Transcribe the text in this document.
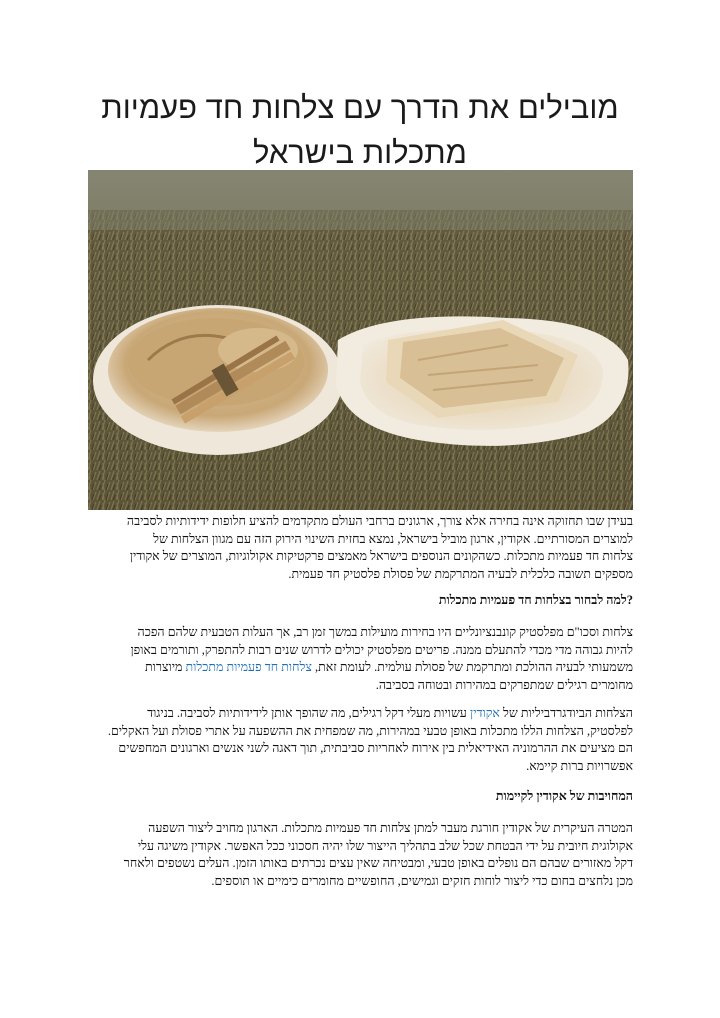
מובילים את הדרך עם צלחות חד פעמיות
מתכלות בישראל

בעידן שבו תחזוקה אינה בחירה אלא צורך, ארגונים ברחבי העולם מתקדמים להציע חלופות ידידותיות לסביבה

למוצרים המסורתיים. אקודין, ארגון מוביל בישראל, נמצא בחזית השינוי הירוק הזה עם מגוון הצלחות של

צלחות חד פעמיות מתכלות. כשהקונים הנוספים בישראל מאמצים פרקטיקות אקולוגיות, המוצרים של אקודין

מספקים תשובה כלכלית לבעיה המתרקמת של פסולת פלסטיק חד פעמית.

?למה לבחור בצלחות חד פעמיות מתכלות

צלחות וסכו"ם מפלסטיק קונבנציונליים היו בחירות מועילות במשך זמן רב, אך העלות הטבעית שלהם הפכה

להיות גבוהה מדי מכדי להתעלם ממנה. פריטים מפלסטיק יכולים לדרוש שנים רבות להתפרק, ותורמים באופן

משמעותי לבעיה ההולכת ומתרקמת של פסולת עולמית. לעומת זאת, צלחות חד פעמיות מתכלות מיוצרות

מחומרים רגילים שמתפרקים במהירות ובטוחה בסביבה.

הצלחות הביודגרדביליות של אקודין עשויות מעלי דקל רגילים, מה שהופך אותן לידידותיות לסביבה. בניגוד

לפלסטיק, הצלחות הללו מתכלות באופן טבעי במהירות, מה שמפחית את ההשפעה על אתרי פסולת ועל האקלים.

הם מציעים את ההרמוניה האידיאלית בין אירוח לאחריות סביבתית, תוך דאגה לשני אנשים וארגונים המחפשים

אפשרויות ברות קיימא.

המחויבות של אקודין לקיימות

המטרה העיקרית של אקודין חורגת מעבר למתן צלחות חד פעמיות מתכלות. הארגון מחויב ליצור השפעה

אקולוגית חיובית על ידי הבטחת שכל שלב בתהליך הייצור שלו יהיה חסכוני ככל האפשר. אקודין משיגה עלי

דקל מאזורים שבהם הם נופלים באופן טבעי, ומבטיחה שאין עצים נכרתים באותו הזמן. העלים נשטפים ולאחר

מכן נלחצים בחום כדי ליצור לוחות חזקים וגמישים, החופשיים מחומרים כימיים או תוספים.
